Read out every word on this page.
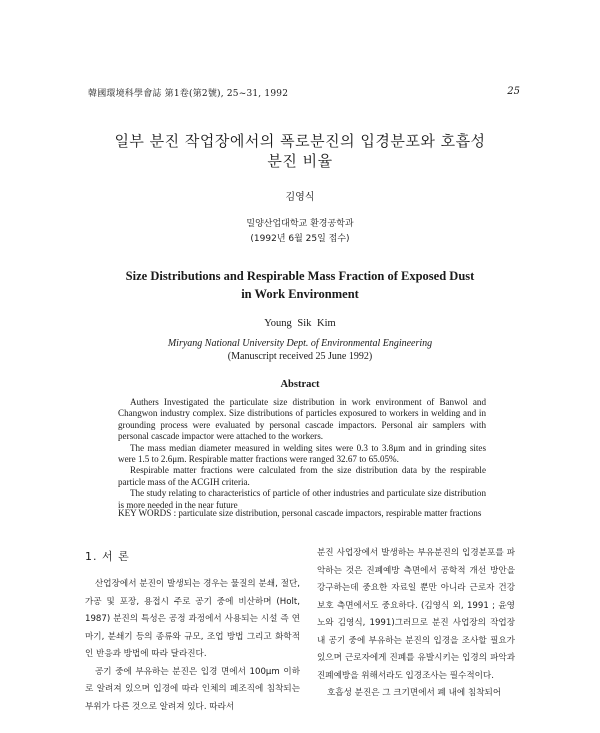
韓國環境科學會誌 第1卷(第2號), 25~31, 1992	25
일부 분진 작업장에서의 폭로분진의 입경분포와 호흡성
분진 비율
김영식
밀양산업대학교 환경공학과
(1992년 6월 25일 접수)
Size Distributions and Respirable Mass Fraction of Exposed Dust
in Work Environment
Young Sik Kim
Miryang National University Dept. of Environmental Engineering
(Manuscript received 25 June 1992)
Abstract

Authers Investigated the particulate size distribution in work environment of Banwol and Changwon industry complex. Size distributions of particles exposured to workers in welding and in grounding process were evaluated by personal cascade impactors. Personal air samplers with personal cascade impactor were attached to the workers.

The mass median diameter measured in welding sites were 0.3 to 3.8μm and in grinding sites were 1.5 to 2.6μm. Respirable matter fractions were ranged 32.67 to 65.05%.

Respirable matter fractions were calculated from the size distribution data by the respirable particle mass of the ACGIH criteria.

The study relating to characteristics of particle of other industries and particulate size distribution is more needed in the near future

KEY WORDS : particulate size distribution, personal cascade impactors, respirable matter fractions
1. 서 론

산업장에서 분진이 발생되는 경우는 물질의 분쇄, 절단, 가공 및 포장, 용접시 주로 공기 중에 비산하며 (Holt, 1987) 분진의 특성은 공정 과정에서 사용되는 시설 즉 연마기, 분쇄기 등의 종류와 규모, 조업 방법 그리고 화학적인 반응과 방법에 따라 달라진다.

공기 중에 부유하는 분진은 입경 면에서 100μm 이하로 알려져 있으며 입경에 따라 인체의 폐조직에 침착되는 부위가 다른 것으로 알려져 있다. 따라서

분진 사업장에서 발생하는 부유분진의 입경분포를 파악하는 것은 진폐예방 측면에서 공학적 개선 방안을 강구하는데 중요한 자료일 뿐만 아니라 근로자 건강 보호 측면에서도 중요하다. (김영식 외, 1991 ; 윤영노와 김영식, 1991)그러므로 분진 사업장의 작업장내 공기 중에 부유하는 분진의 입경을 조사할 필요가 있으며 근로자에게 진폐를 유발시키는 입경의 파악과 진폐예방을 위해서라도 입경조사는 필수적이다.

호흡성 분진은 그 크기면에서 폐 내에 침착되어
